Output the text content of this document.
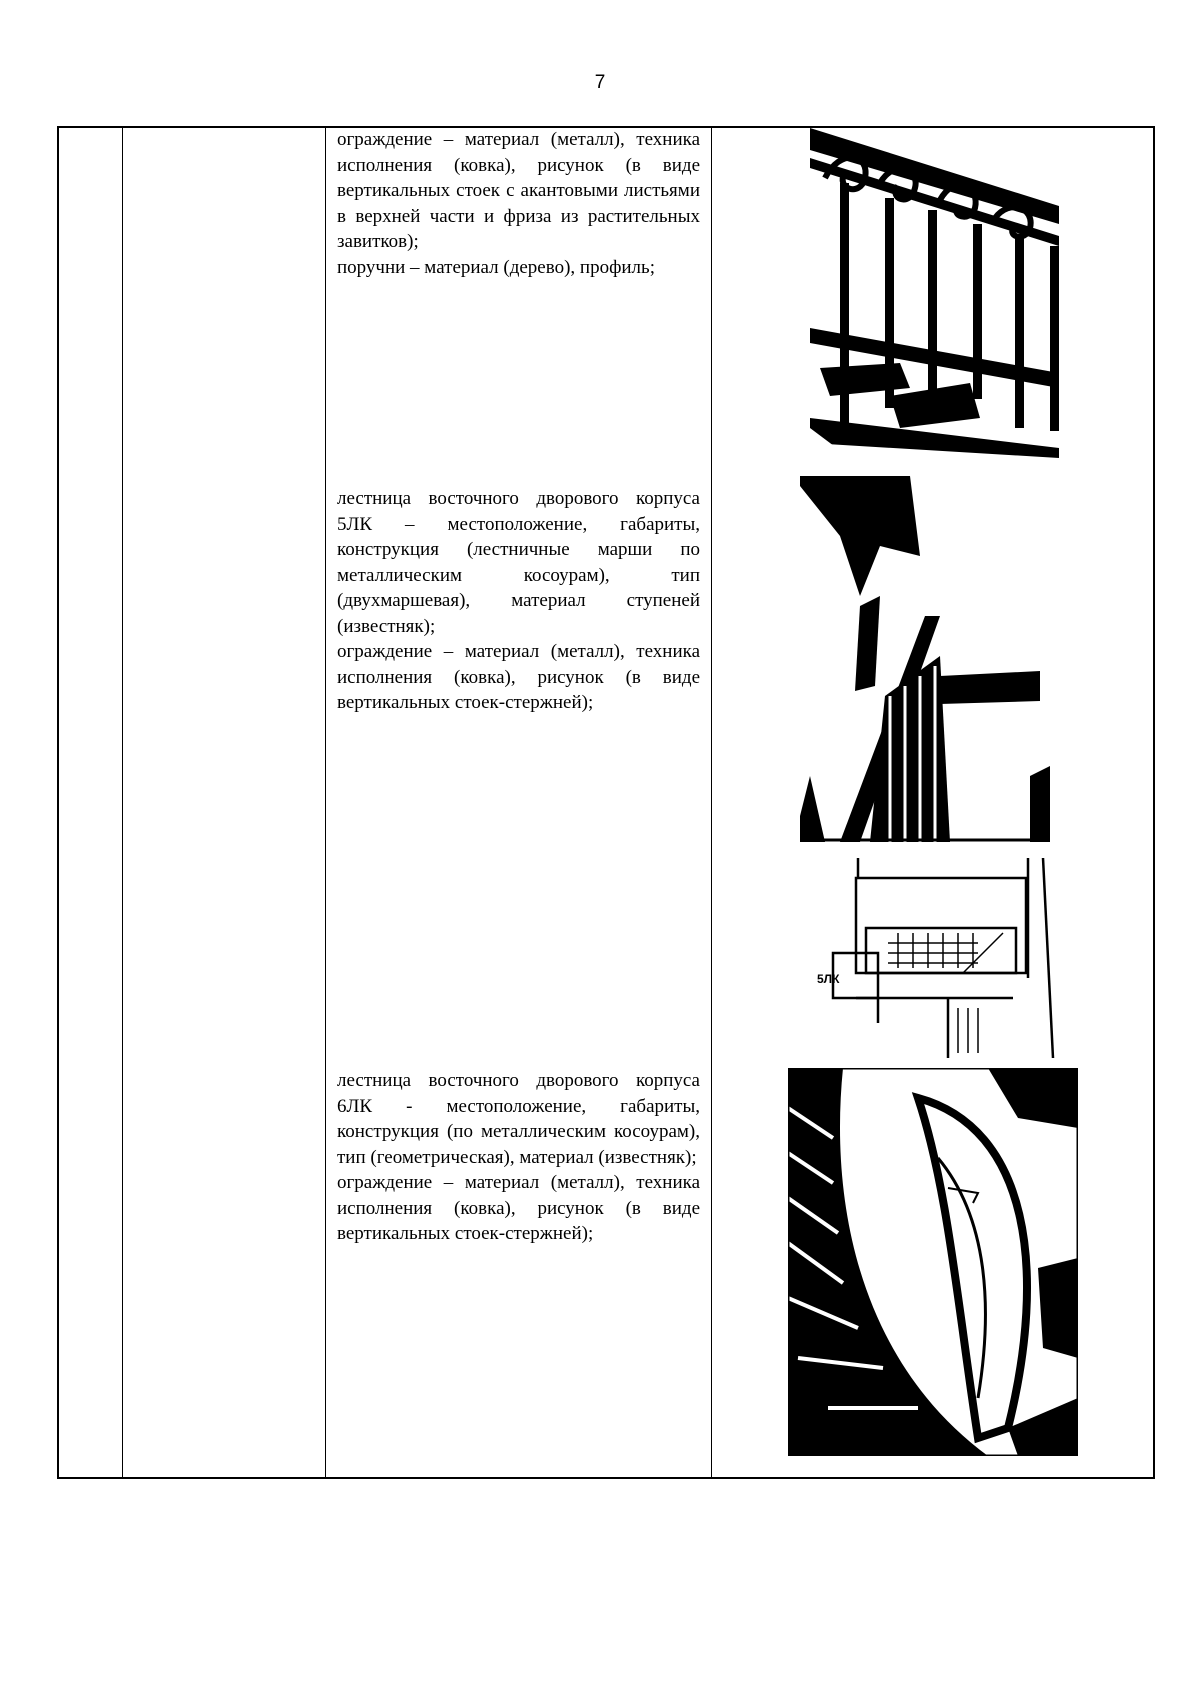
7

ограждение – материал (металл), техника исполнения (ковка), рисунок (в виде вертикальных стоек с акантовыми листьями в верхней части и фриза из растительных завитков);

поручни – материал (дерево), профиль;

лестница восточного дворового корпуса 5ЛК – местоположение, габариты, конструкция (лестничные марши по металлическим косоурам), тип (двухмаршевая), материал ступеней (известняк);

ограждение – материал (металл), техника исполнения (ковка), рисунок (в виде вертикальных стоек-стержней);

5ЛК

лестница восточного дворового корпуса 6ЛК - местоположение, габариты, конструкция (по металлическим косоурам), тип (геометрическая), материал (известняк);

ограждение – материал (металл), техника исполнения (ковка), рисунок (в виде вертикальных стоек-стержней);
